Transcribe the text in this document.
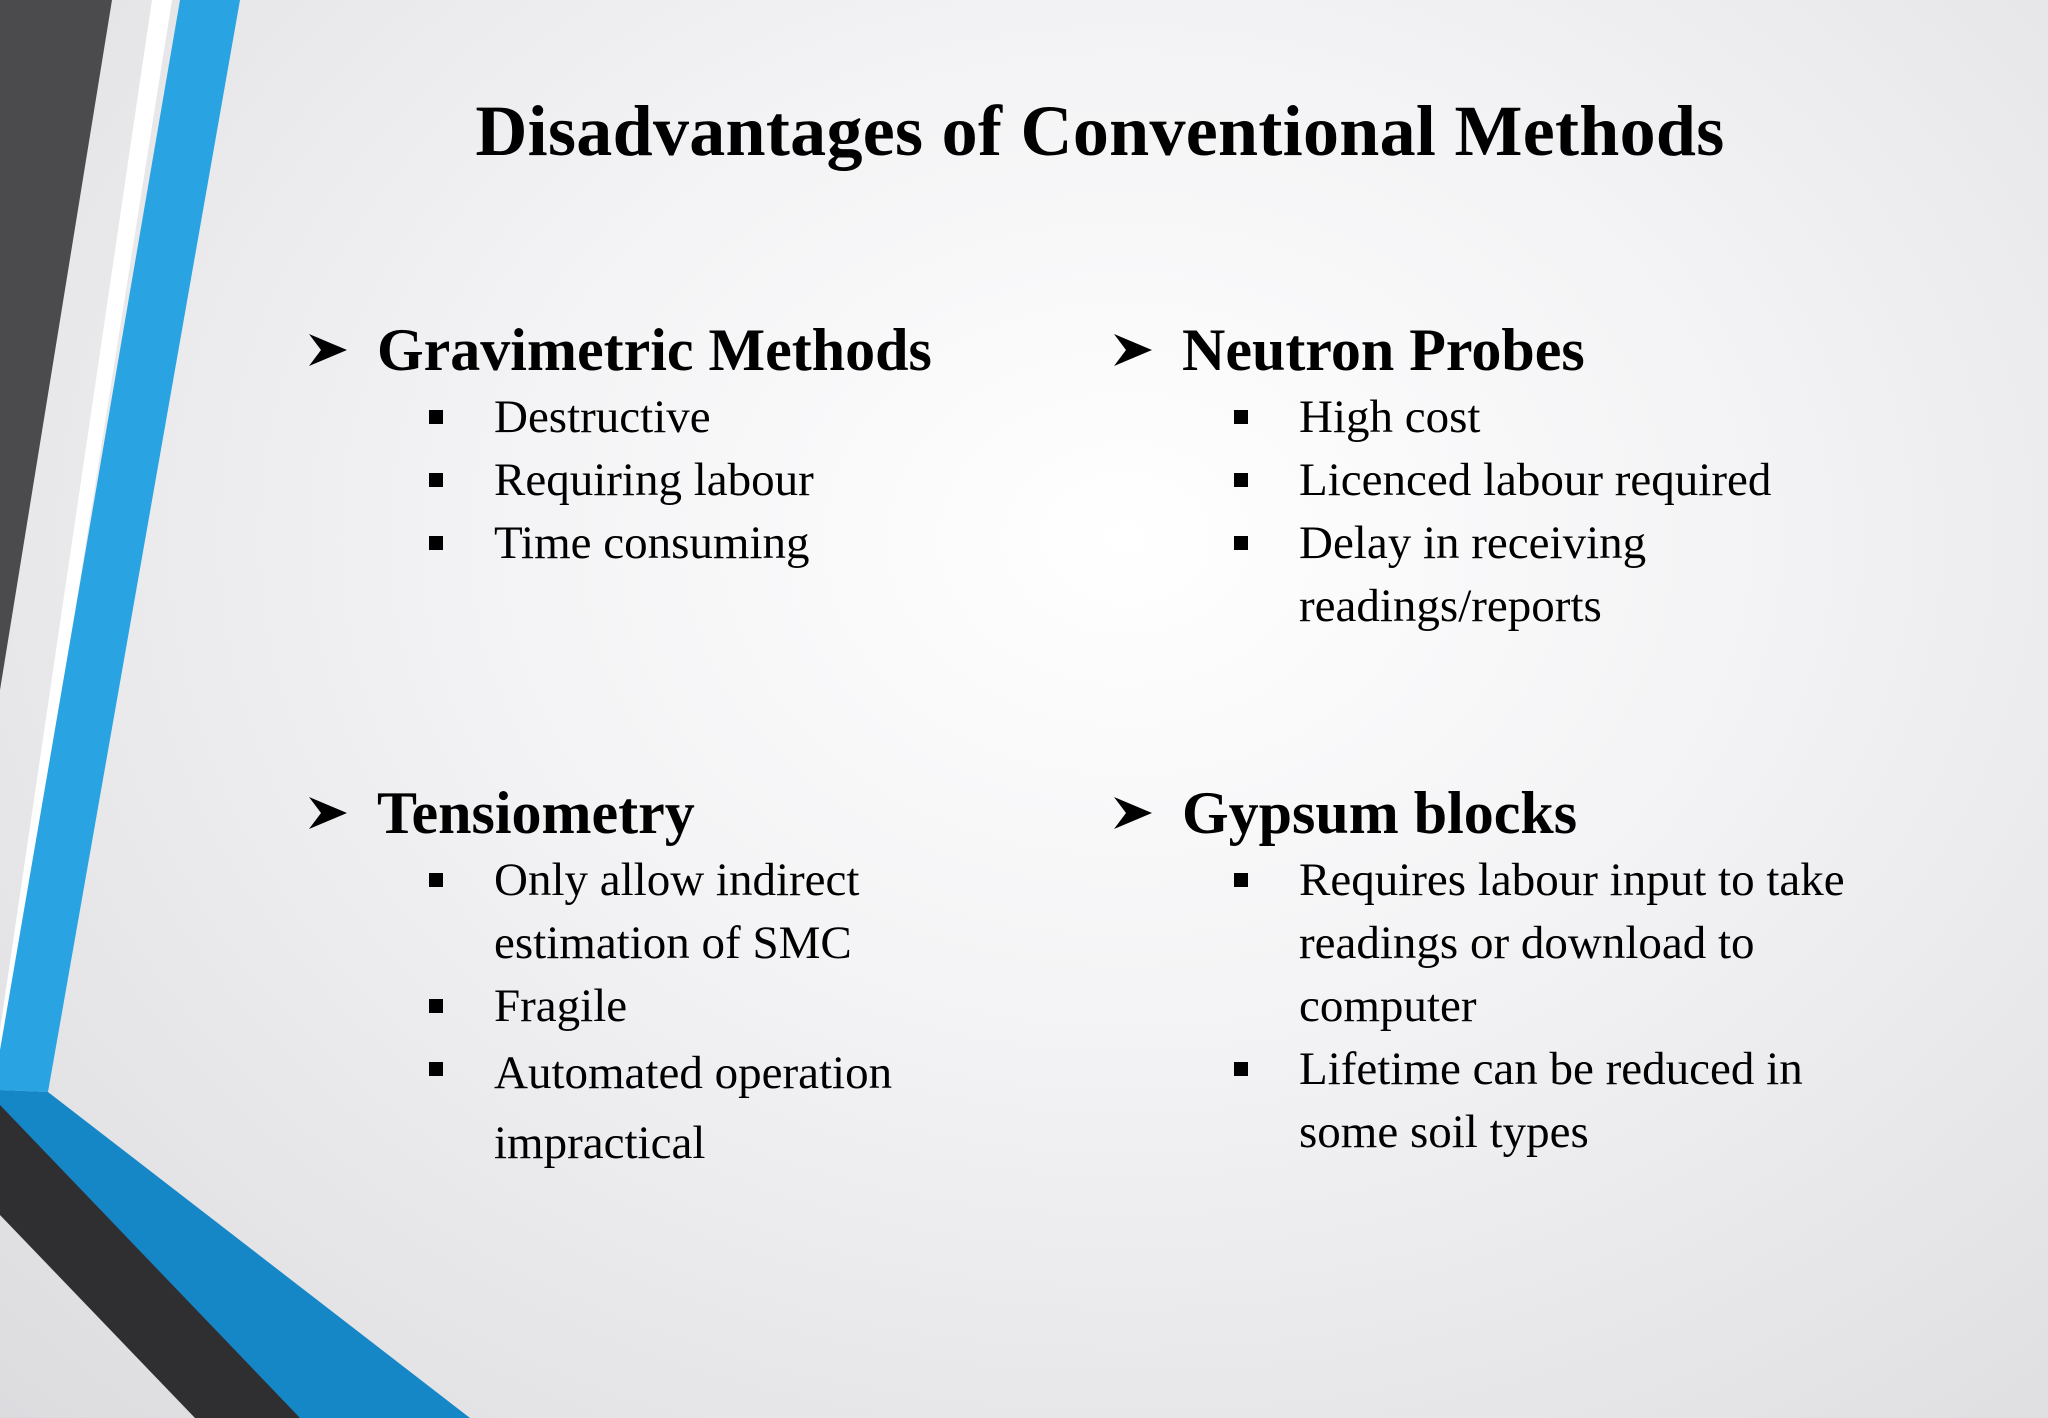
Disadvantages of Conventional Methods
Gravimetric Methods
Destructive
Requiring labour
Time consuming
Neutron Probes
High cost
Licenced labour required
Delay in receiving readings/reports
Tensiometry
Only allow indirect estimation of SMC
Fragile
Automated operation impractical
Gypsum blocks
Requires labour input to take readings or download to computer
Lifetime can be reduced in some soil types
